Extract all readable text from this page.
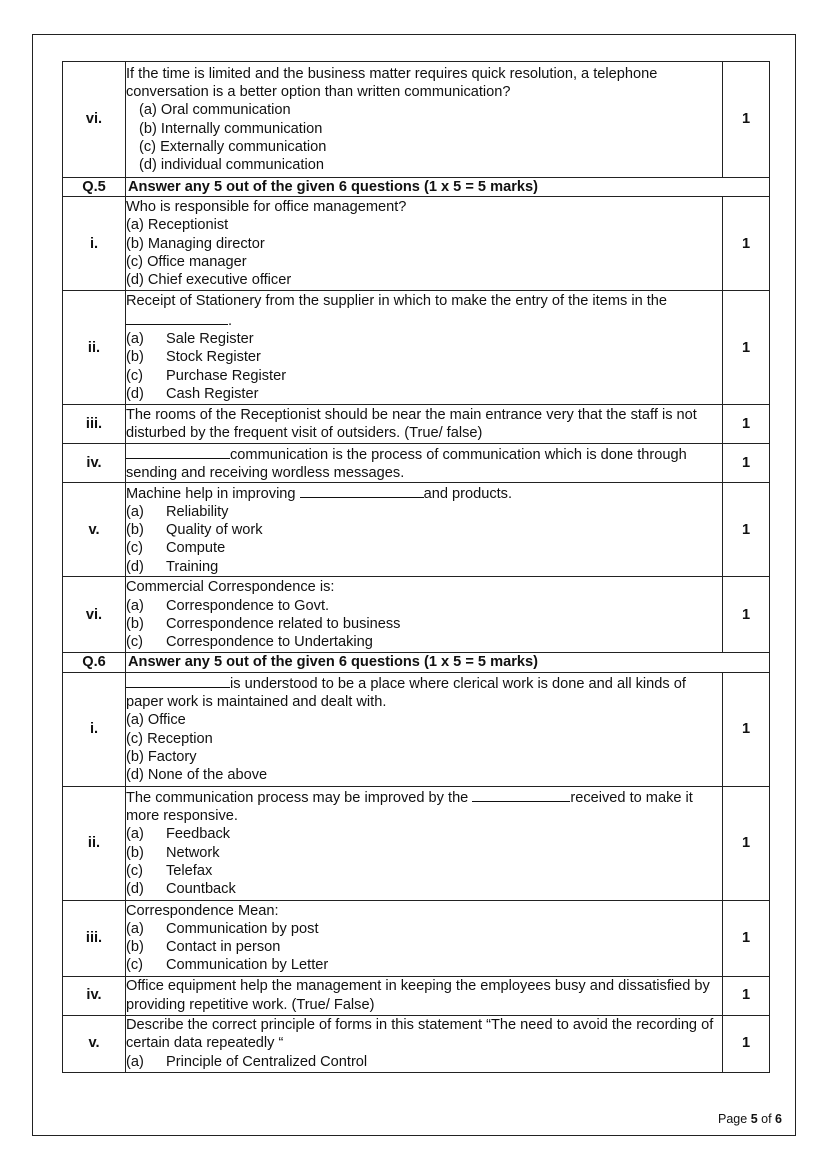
vi.	If the time is limited and the business matter requires quick resolution, a telephone conversation is a better option than written communication?
(a) Oral communication
(b) Internally communication
(c) Externally communication
(d) individual communication	1
Q.5	Answer any 5 out of the given 6 questions (1 x 5 = 5 marks)	
i.	Who is responsible for office management?
(a) Receptionist
(b) Managing director
(c) Office manager
(d) Chief executive officer	1
ii.	Receipt of Stationery from the supplier in which to make the entry of the items in the.
(a) Sale Register
(b) Stock Register
(c) Purchase Register
(d) Cash Register	1
iii.	The rooms of the Receptionist should be near the main entrance very that the staff is not disturbed by the frequent visit of outsiders. (True/ false)	1
iv.	communication is the process of communication which is done through sending and receiving wordless messages.	1
v.	Machine help in improving and products.
(a) Reliability
(b) Quality of work
(c) Compute
(d) Training	1
vi.	Commercial Correspondence is:
(a) Correspondence to Govt.
(b) Correspondence related to business
(c) Correspondence to Undertaking	1
Q.6	Answer any 5 out of the given 6 questions (1 x 5 = 5 marks)	
i.	is understood to be a place where clerical work is done and all kinds of paper work is maintained and dealt with.
(a) Office
(c) Reception
(b) Factory
(d) None of the above	1
ii.	The communication process may be improved by the received to make it more responsive.
(a) Feedback
(b) Network
(c) Telefax
(d) Countback	1
iii.	Correspondence Mean:
(a) Communication by post
(b) Contact in person
(c) Communication by Letter	1
iv.	Office equipment help the management in keeping the employees busy and dissatisfied by providing repetitive work. (True/ False)	1
v.	Describe the correct principle of forms in this statement “The need to avoid the recording of certain data repeatedly “
(a) Principle of Centralized Control	1
Page 5 of 6
